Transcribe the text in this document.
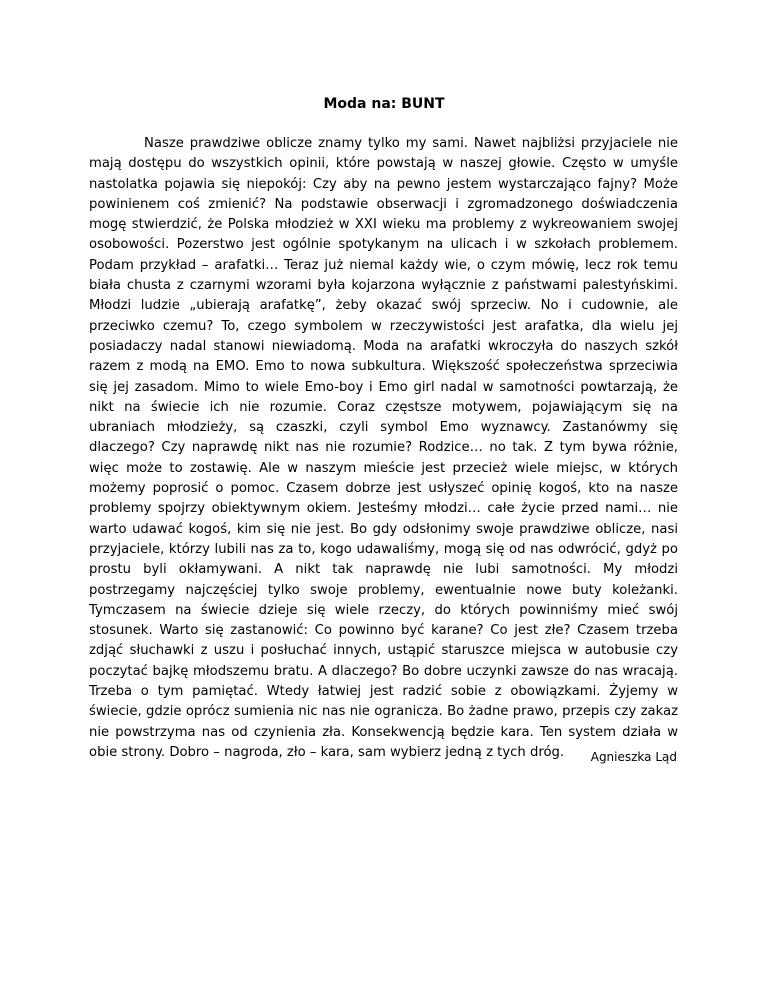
Moda na: BUNT

Nasze prawdziwe oblicze znamy tylko my sami. Nawet najbliżsi przyjaciele nie mają dostępu do wszystkich opinii, które powstają w naszej głowie. Często w umyśle nastolatka pojawia się niepokój: Czy aby na pewno jestem wystarczająco fajny? Może powinienem coś zmienić? Na podstawie obserwacji i zgromadzonego doświadczenia mogę stwierdzić, że Polska młodzież w XXI wieku ma problemy z wykreowaniem swojej osobowości. Pozerstwo jest ogólnie spotykanym na ulicach i w szkołach problemem. Podam przykład – arafatki… Teraz już niemal każdy wie, o czym mówię, lecz rok temu biała chusta z czarnymi wzorami była kojarzona wyłącznie z państwami palestyńskimi. Młodzi ludzie „ubierają arafatkę”, żeby okazać swój sprzeciw. No i cudownie, ale przeciwko czemu? To, czego symbolem w rzeczywistości jest arafatka, dla wielu jej posiadaczy nadal stanowi niewiadomą. Moda na arafatki wkroczyła do naszych szkół razem z modą na EMO. Emo to nowa subkultura. Większość społeczeństwa sprzeciwia się jej zasadom. Mimo to wiele Emo-boy i Emo girl nadal w samotności powtarzają, że nikt na świecie ich nie rozumie. Coraz częstsze motywem, pojawiającym się na ubraniach młodzieży, są czaszki, czyli symbol Emo wyznawcy. Zastanówmy się dlaczego? Czy naprawdę nikt nas nie rozumie? Rodzice… no tak. Z tym bywa różnie, więc może to zostawię. Ale w naszym mieście jest przecież wiele miejsc, w których możemy poprosić o pomoc. Czasem dobrze jest usłyszeć opinię kogoś, kto na nasze problemy spojrzy obiektywnym okiem. Jesteśmy młodzi… całe życie przed nami… nie warto udawać kogoś, kim się nie jest. Bo gdy odsłonimy swoje prawdziwe oblicze, nasi przyjaciele, którzy lubili nas za to, kogo udawaliśmy, mogą się od nas odwrócić, gdyż po prostu byli okłamywani. A nikt tak naprawdę nie lubi samotności. My młodzi postrzegamy najczęściej tylko swoje problemy, ewentualnie nowe buty koleżanki. Tymczasem na świecie dzieje się wiele rzeczy, do których powinniśmy mieć swój stosunek. Warto się zastanowić: Co powinno być karane? Co jest złe? Czasem trzeba zdjąć słuchawki z uszu i posłuchać innych, ustąpić staruszce miejsca w autobusie czy poczytać bajkę młodszemu bratu. A dlaczego? Bo dobre uczynki zawsze do nas wracają. Trzeba o tym pamiętać. Wtedy łatwiej jest radzić sobie z obowiązkami. Żyjemy w świecie, gdzie oprócz sumienia nic nas nie ogranicza. Bo żadne prawo, przepis czy zakaz nie powstrzyma nas od czynienia zła. Konsekwencją będzie kara. Ten system działa w obie strony. Dobro – nagroda, zło – kara, sam wybierz jedną z tych dróg.	Agnieszka Ląd
